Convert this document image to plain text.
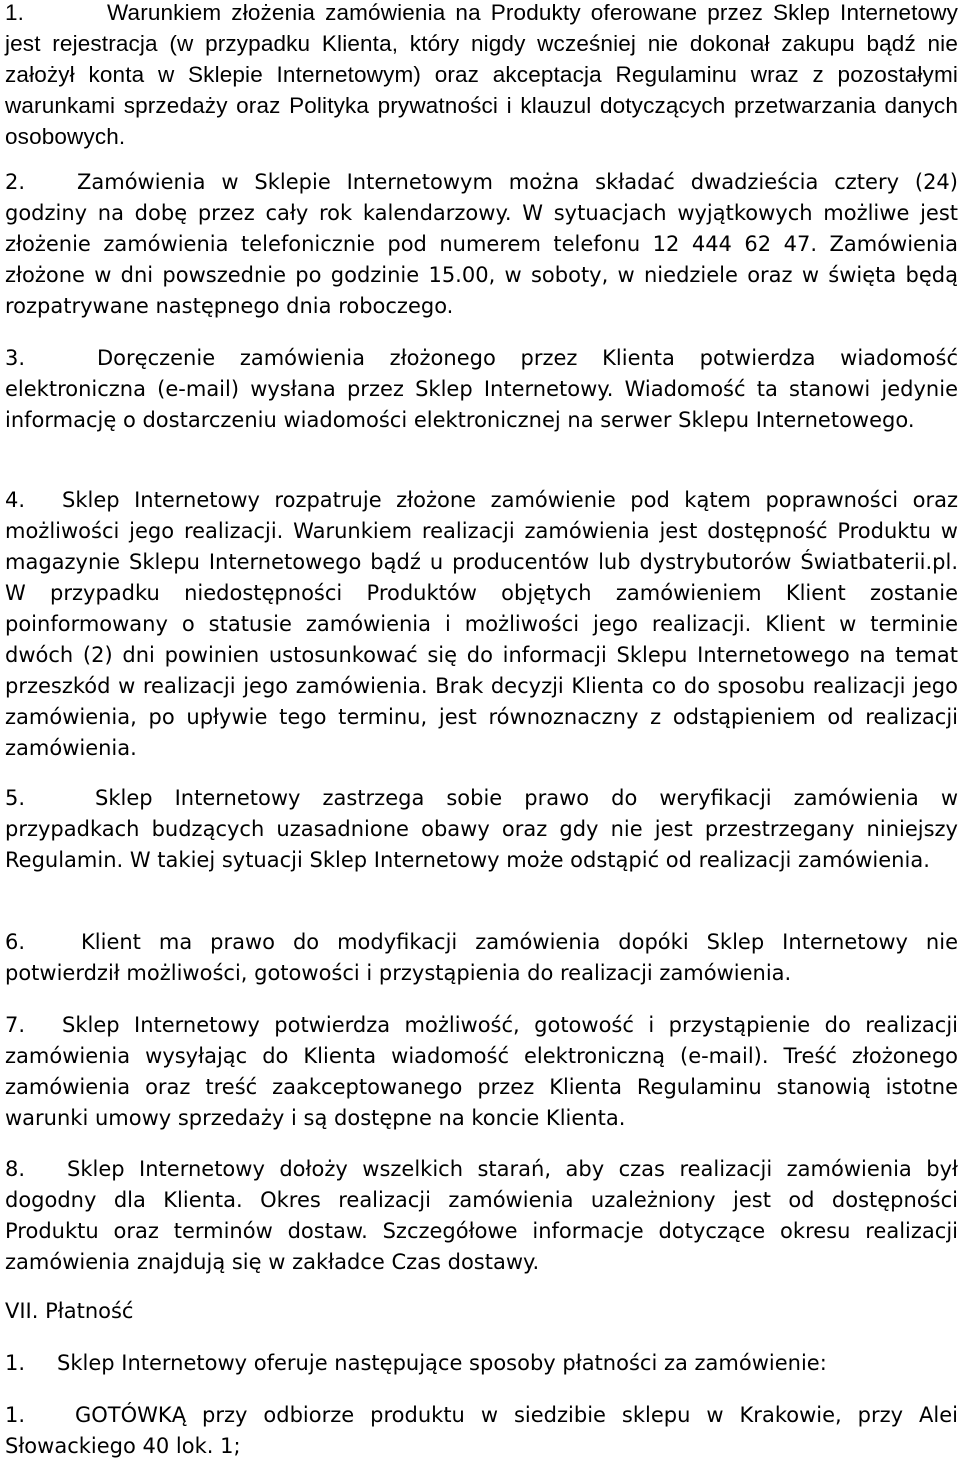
1.	Warunkiem złożenia zamówienia na Produkty oferowane przez Sklep Internetowy jest rejestracja (w przypadku Klienta, który nigdy wcześniej nie dokonał zakupu bądź nie założył konta w Sklepie Internetowym) oraz akceptacja Regulaminu wraz z pozostałymi warunkami sprzedaży oraz Polityka prywatności i klauzul dotyczących przetwarzania danych osobowych.

2. Zamówienia w Sklepie Internetowym można składać dwadzieścia cztery (24) godziny na dobę przez cały rok kalendarzowy. W sytuacjach wyjątkowych możliwe jest złożenie zamówienia telefonicznie pod numerem telefonu 12 444 62 47. Zamówienia złożone w dni powszednie po godzinie 15.00, w soboty, w niedziele oraz w święta będą rozpatrywane następnego dnia roboczego.

3.	Doręczenie zamówienia złożonego przez Klienta potwierdza wiadomość elektroniczna (e-mail) wysłana przez Sklep Internetowy. Wiadomość ta stanowi jedynie informację o dostarczeniu wiadomości elektronicznej na serwer Sklepu Internetowego.

4. Sklep Internetowy rozpatruje złożone zamówienie pod kątem poprawności oraz możliwości jego realizacji. Warunkiem realizacji zamówienia jest dostępność Produktu w magazynie Sklepu Internetowego bądź u producentów lub dystrybutorów Światbaterii.pl. W przypadku niedostępności Produktów objętych zamówieniem Klient zostanie poinformowany o statusie zamówienia i możliwości jego realizacji. Klient w terminie dwóch (2) dni powinien ustosunkować się do informacji Sklepu Internetowego na temat przeszkód w realizacji jego zamówienia. Brak decyzji Klienta co do sposobu realizacji jego zamówienia, po upływie tego terminu, jest równoznaczny z odstąpieniem od realizacji zamówienia.

5.	Sklep Internetowy zastrzega sobie prawo do weryfikacji zamówienia w przypadkach budzących uzasadnione obawy oraz gdy nie jest przestrzegany niniejszy Regulamin. W takiej sytuacji Sklep Internetowy może odstąpić od realizacji zamówienia.

6.	Klient ma prawo do modyfikacji zamówienia dopóki Sklep Internetowy nie potwierdził możliwości, gotowości i przystąpienia do realizacji zamówienia.

7. Sklep Internetowy potwierdza możliwość, gotowość i przystąpienie do realizacji zamówienia wysyłając do Klienta wiadomość elektroniczną (e-mail). Treść złożonego zamówienia oraz treść zaakceptowanego przez Klienta Regulaminu stanowią istotne warunki umowy sprzedaży i są dostępne na koncie Klienta.

8. Sklep Internetowy dołoży wszelkich starań, aby czas realizacji zamówienia był dogodny dla Klienta. Okres realizacji zamówienia uzależniony jest od dostępności Produktu oraz terminów dostaw. Szczegółowe informacje dotyczące okresu realizacji zamówienia znajdują się w zakładce Czas dostawy.

VII. Płatność

1. Sklep Internetowy oferuje następujące sposoby płatności za zamówienie:

1. GOTÓWKĄ przy odbiorze produktu w siedzibie sklepu w Krakowie, przy Alei Słowackiego 40 lok. 1;
